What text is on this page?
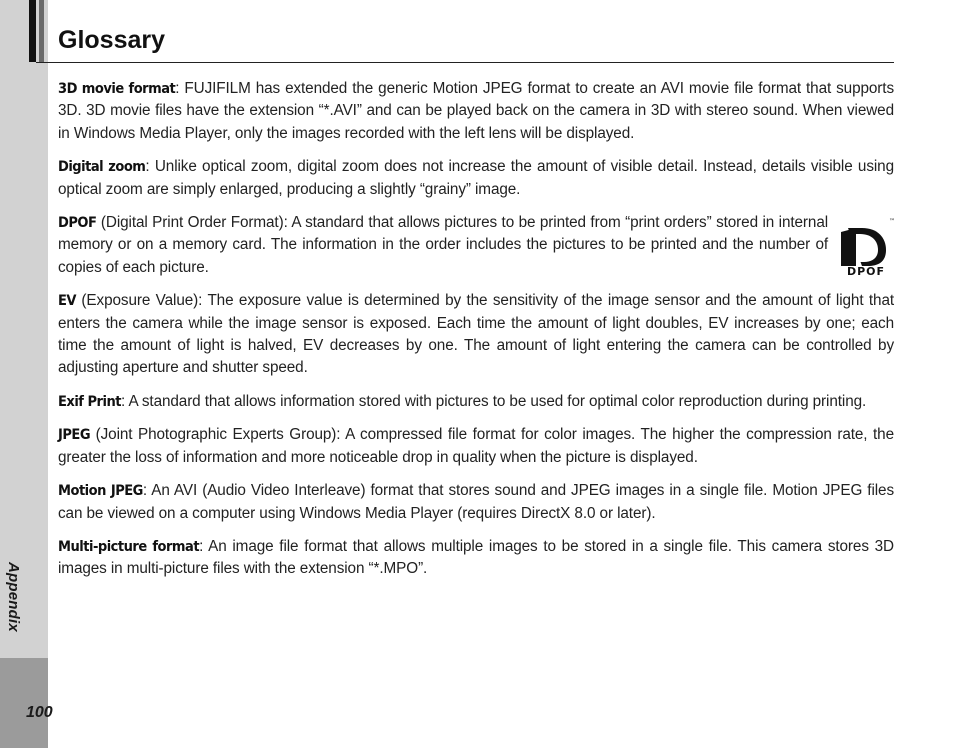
Appendix
100
Glossary

3D movie format: FUJIFILM has extended the generic Motion JPEG format to create an AVI movie file format that supports 3D. 3D movie files have the extension “*.AVI” and can be played back on the camera in 3D with stereo sound. When viewed in Windows Media Player, only the images recorded with the left lens will be displayed.

Digital zoom: Unlike optical zoom, digital zoom does not increase the amount of visible detail. Instead, details visible using optical zoom are simply enlarged, producing a slightly “grainy” image.

DPOF (Digital Print Order Format): A standard that allows pictures to be printed from “print orders” stored in internal memory or on a memory card. The information in the order includes the pictures to be printed and the number of copies of each picture.

EV (Exposure Value): The exposure value is determined by the sensitivity of the image sensor and the amount of light that enters the camera while the image sensor is exposed. Each time the amount of light doubles, EV increases by one; each time the amount of light is halved, EV decreases by one. The amount of light entering the camera can be controlled by adjusting aperture and shutter speed.

Exif Print: A standard that allows information stored with pictures to be used for optimal color reproduction during printing.

JPEG (Joint Photographic Experts Group): A compressed file format for color images. The higher the compression rate, the greater the loss of information and more noticeable drop in quality when the picture is displayed.

Motion JPEG: An AVI (Audio Video Interleave) format that stores sound and JPEG images in a single file. Motion JPEG files can be viewed on a computer using Windows Media Player (requires DirectX 8.0 or later).

Multi-picture format: An image file format that allows multiple images to be stored in a single file. This camera stores 3D images in multi-picture files with the extension “*.MPO”.

DPOF
™
